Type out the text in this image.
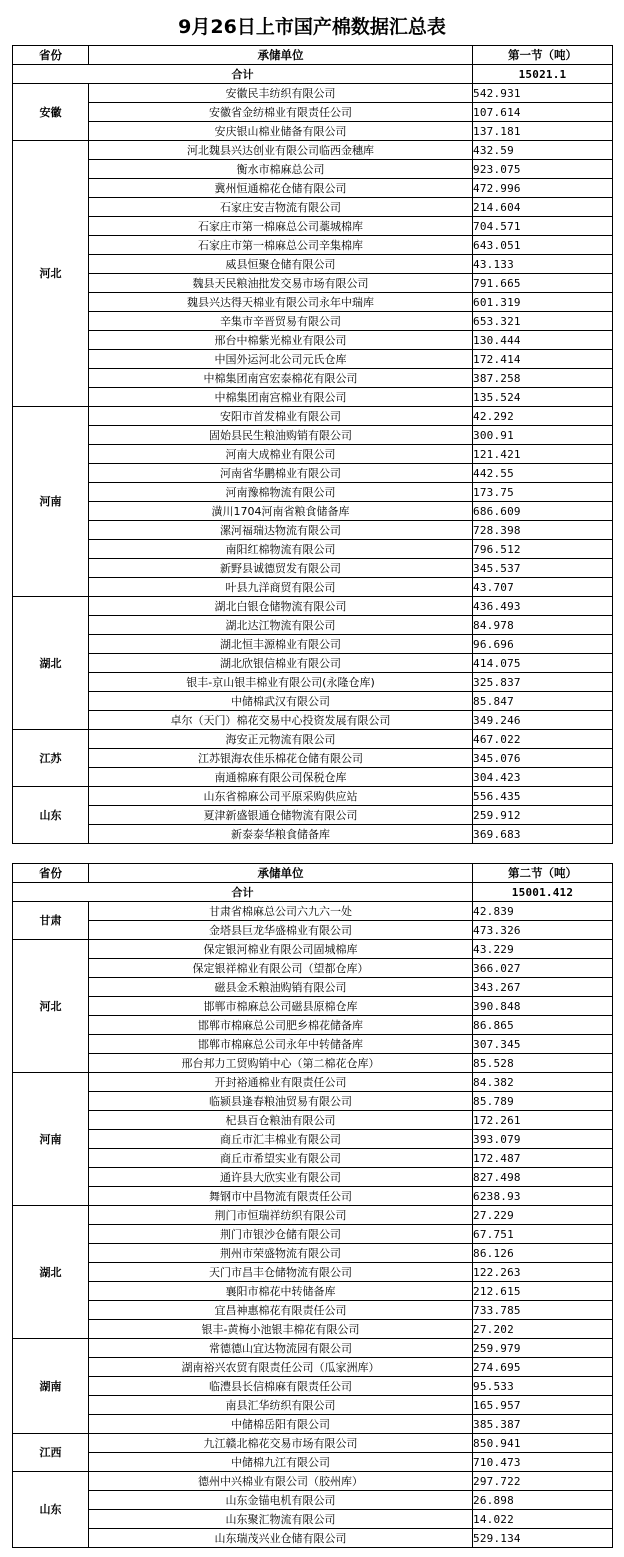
9月26日上市国产棉数据汇总表
省份	承储单位	第一节（吨）
合计		15021.1
安徽	安徽民丰纺织有限公司	542.931
	安徽省金纺棉业有限责任公司	107.614
	安庆银山棉业储备有限公司	137.181
河北	河北魏县兴达创业有限公司临西金穗库	432.59
	衡水市棉麻总公司	923.075
	冀州恒通棉花仓储有限公司	472.996
	石家庄安吉物流有限公司	214.604
	石家庄市第一棉麻总公司藁城棉库	704.571
	石家庄市第一棉麻总公司辛集棉库	643.051
	威县恒聚仓储有限公司	43.133
	魏县天民粮油批发交易市场有限公司	791.665
	魏县兴达得天棉业有限公司永年中瑞库	601.319
	辛集市辛晋贸易有限公司	653.321
	邢台中棉紫光棉业有限公司	130.444
	中国外运河北公司元氏仓库	172.414
	中棉集团南宫宏泰棉花有限公司	387.258
	中棉集团南宫棉业有限公司	135.524
河南	安阳市首发棉业有限公司	42.292
	固始县民生粮油购销有限公司	300.91
	河南大成棉业有限公司	121.421
	河南省华鹏棉业有限公司	442.55
	河南豫棉物流有限公司	173.75
	潢川1704河南省粮食储备库	686.609
	漯河福瑞达物流有限公司	728.398
	南阳红棉物流有限公司	796.512
	新野县诚德贸发有限公司	345.537
	叶县九洋商贸有限公司	43.707
湖北	湖北白银仓储物流有限公司	436.493
	湖北达江物流有限公司	84.978
	湖北恒丰源棉业有限公司	96.696
	湖北欣银信棉业有限公司	414.075
	银丰-京山银丰棉业有限公司(永隆仓库)	325.837
	中储棉武汉有限公司	85.847
	卓尔（天门）棉花交易中心投资发展有限公司	349.246
江苏	海安正元物流有限公司	467.022
	江苏银海农佳乐棉花仓储有限公司	345.076
	南通棉麻有限公司保税仓库	304.423
山东	山东省棉麻公司平原采购供应站	556.435
	夏津新盛银通仓储物流有限公司	259.912
	新泰泰华粮食储备库	369.683
省份	承储单位	第二节（吨）
合计		15001.412
甘肃	甘肃省棉麻总公司六九六一处	42.839
	金塔县巨龙华盛棉业有限公司	473.326
河北	保定银河棉业有限公司固城棉库	43.229
	保定银祥棉业有限公司（望都仓库）	366.027
	磁县金禾粮油购销有限公司	343.267
	邯郸市棉麻总公司磁县原棉仓库	390.848
	邯郸市棉麻总公司肥乡棉花储备库	86.865
	邯郸市棉麻总公司永年中转储备库	307.345
	邢台邦力工贸购销中心（第二棉花仓库）	85.528
河南	开封裕通棉业有限责任公司	84.382
	临颍县逢春粮油贸易有限公司	85.789
	杞县百仓粮油有限公司	172.261
	商丘市汇丰棉业有限公司	393.079
	商丘市希望实业有限公司	172.487
	通许县大欣实业有限公司	827.498
	舞钢市中昌物流有限责任公司	6238.93
湖北	荆门市恒瑞祥纺织有限公司	27.229
	荆门市银沙仓储有限公司	67.751
	荆州市荣盛物流有限公司	86.126
	天门市昌丰仓储物流有限公司	122.263
	襄阳市棉花中转储备库	212.615
	宜昌神惠棉花有限责任公司	733.785
	银丰-黄梅小池银丰棉花有限公司	27.202
湖南	常德德山宜达物流园有限公司	259.979
	湖南裕兴农贸有限责任公司（瓜家洲库）	274.695
	临澧县长信棉麻有限责任公司	95.533
	南县汇华纺织有限公司	165.957
	中储棉岳阳有限公司	385.387
江西	九江赣北棉花交易市场有限公司	850.941
	中储棉九江有限公司	710.473
山东	德州中兴棉业有限公司（胶州库）	297.722
	山东金锚电机有限公司	26.898
	山东聚汇物流有限公司	14.022
	山东瑞茂兴业仓储有限公司	529.134
